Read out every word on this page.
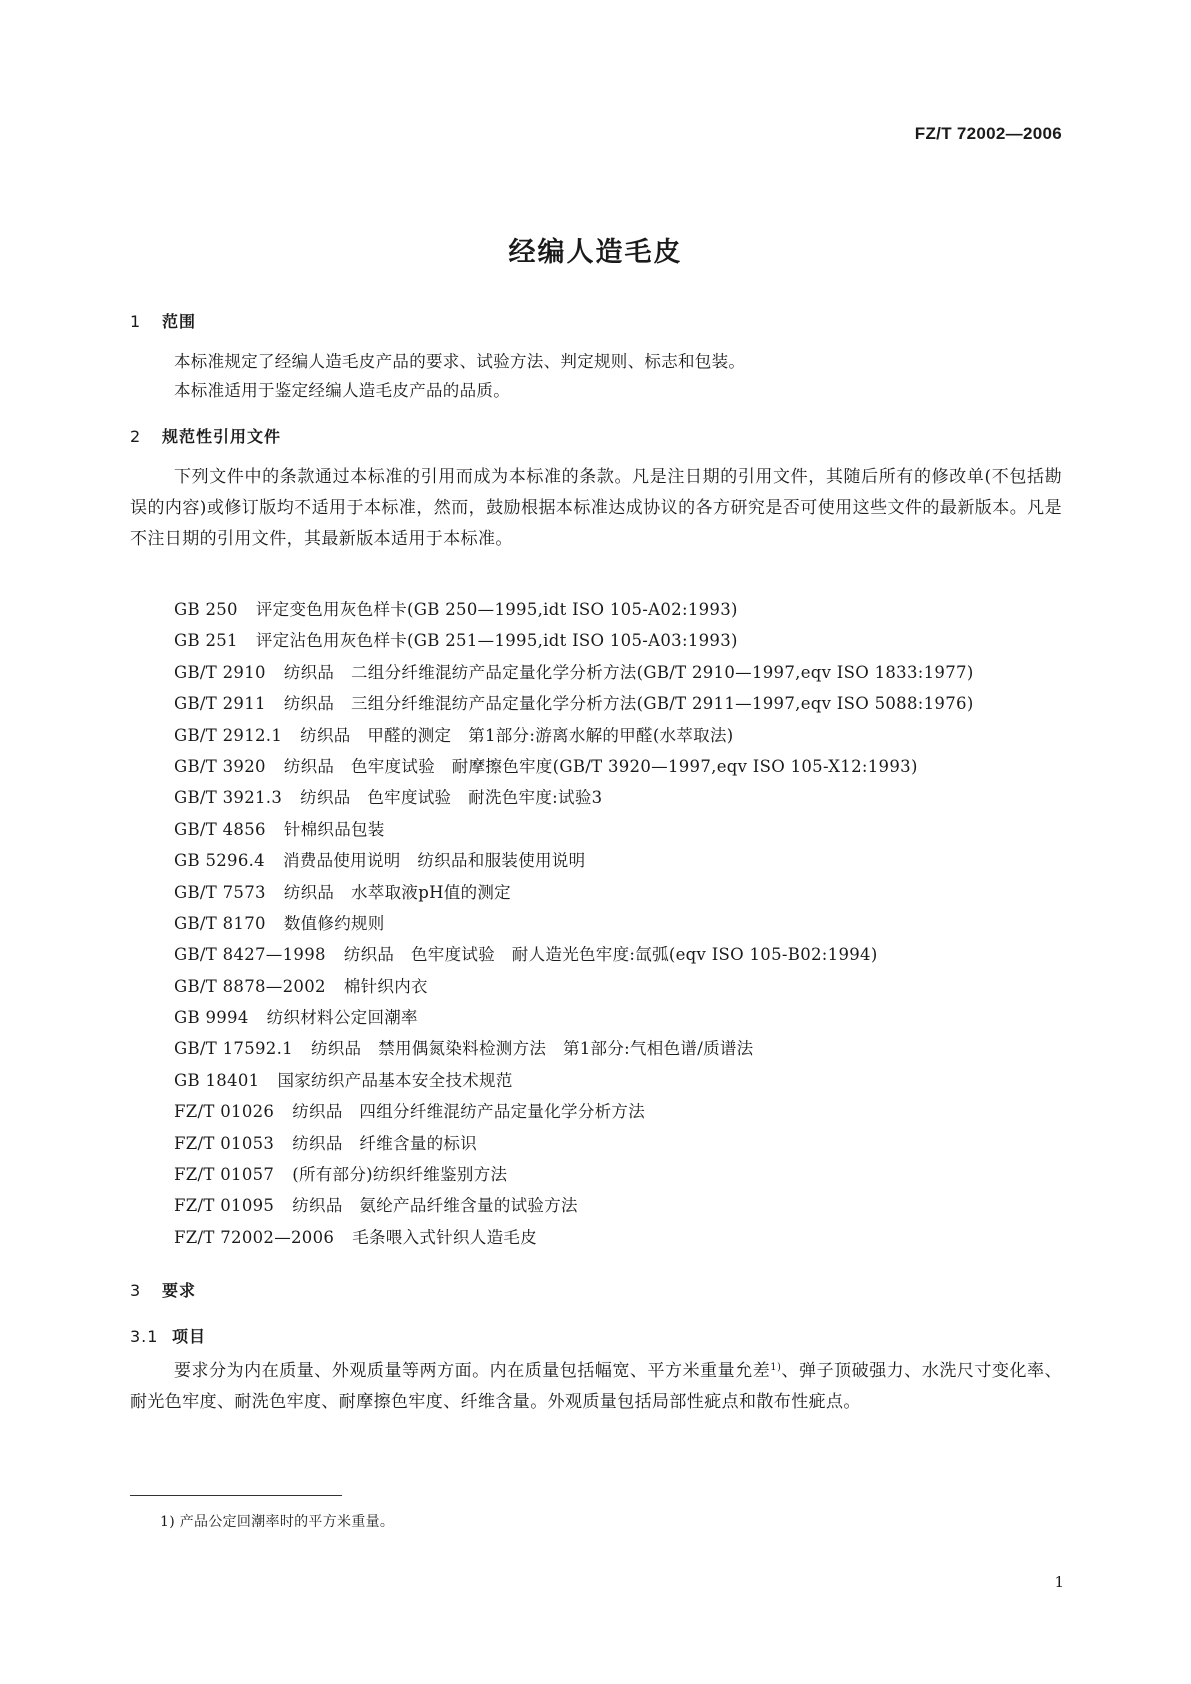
FZ/T 72002—2006
经编人造毛皮
1 范围
本标准规定了经编人造毛皮产品的要求、试验方法、判定规则、标志和包装。
本标准适用于鉴定经编人造毛皮产品的品质。
2 规范性引用文件
下列文件中的条款通过本标准的引用而成为本标准的条款。凡是注日期的引用文件，其随后所有的修改单(不包括勘误的内容)或修订版均不适用于本标准，然而，鼓励根据本标准达成协议的各方研究是否可使用这些文件的最新版本。凡是不注日期的引用文件，其最新版本适用于本标准。
GB 250 评定变色用灰色样卡(GB 250—1995,idt ISO 105-A02:1993)
GB 251 评定沾色用灰色样卡(GB 251—1995,idt ISO 105-A03:1993)
GB/T 2910 纺织品　二组分纤维混纺产品定量化学分析方法(GB/T 2910—1997,eqv ISO 1833:1977)
GB/T 2911 纺织品　三组分纤维混纺产品定量化学分析方法(GB/T 2911—1997,eqv ISO 5088:1976)
GB/T 2912.1 纺织品　甲醛的测定　第1部分:游离水解的甲醛(水萃取法)
GB/T 3920 纺织品　色牢度试验　耐摩擦色牢度(GB/T 3920—1997,eqv ISO 105-X12:1993)
GB/T 3921.3 纺织品　色牢度试验　耐洗色牢度:试验3
GB/T 4856 针棉织品包装
GB 5296.4 消费品使用说明　纺织品和服装使用说明
GB/T 7573 纺织品　水萃取液pH值的测定
GB/T 8170 数值修约规则
GB/T 8427—1998 纺织品　色牢度试验　耐人造光色牢度:氙弧(eqv ISO 105-B02:1994)
GB/T 8878—2002 棉针织内衣
GB 9994 纺织材料公定回潮率
GB/T 17592.1 纺织品　禁用偶氮染料检测方法　第1部分:气相色谱/质谱法
GB 18401 国家纺织产品基本安全技术规范
FZ/T 01026 纺织品　四组分纤维混纺产品定量化学分析方法
FZ/T 01053 纺织品　纤维含量的标识
FZ/T 01057 (所有部分)纺织纤维鉴别方法
FZ/T 01095 纺织品　氨纶产品纤维含量的试验方法
FZ/T 72002—2006 毛条喂入式针织人造毛皮
3 要求
3.1 项目
要求分为内在质量、外观质量等两方面。内在质量包括幅宽、平方米重量允差$^{1)}$、弹子顶破强力、水洗尺寸变化率、耐光色牢度、耐洗色牢度、耐摩擦色牢度、纤维含量。外观质量包括局部性疵点和散布性疵点。
1) 产品公定回潮率时的平方米重量。
1
